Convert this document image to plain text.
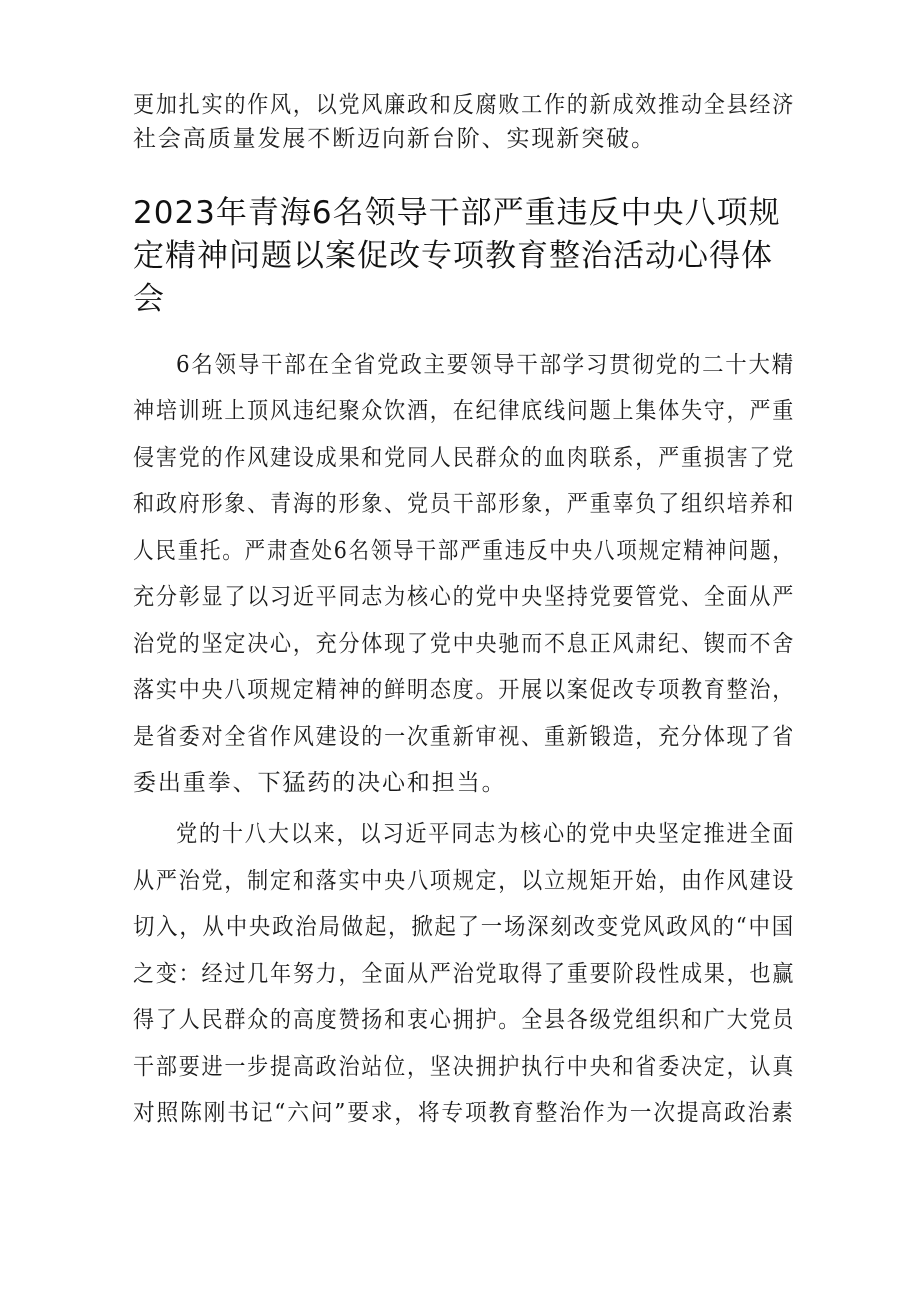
更加扎实的作风，以党风廉政和反腐败工作的新成效推动全县经济
社会高质量发展不断迈向新台阶、实现新突破。
2023年青海6名领导干部严重违反中央八项规
定精神问题以案促改专项教育整治活动心得体
会
6名领导干部在全省党政主要领导干部学习贯彻党的二十大精
神培训班上顶风违纪聚众饮酒，在纪律底线问题上集体失守，严重
侵害党的作风建设成果和党同人民群众的血肉联系，严重损害了党
和政府形象、青海的形象、党员干部形象，严重辜负了组织培养和
人民重托。严肃查处6名领导干部严重违反中央八项规定精神问题，
充分彰显了以习近平同志为核心的党中央坚持党要管党、全面从严
治党的坚定决心，充分体现了党中央驰而不息正风肃纪、锲而不舍
落实中央八项规定精神的鲜明态度。开展以案促改专项教育整治，
是省委对全省作风建设的一次重新审视、重新锻造，充分体现了省
委出重拳、下猛药的决心和担当。
党的十八大以来，以习近平同志为核心的党中央坚定推进全面
从严治党，制定和落实中央八项规定，以立规矩开始，由作风建设
切入，从中央政治局做起，掀起了一场深刻改变党风政风的“中国
之变：经过几年努力，全面从严治党取得了重要阶段性成果，也赢
得了人民群众的高度赞扬和衷心拥护。全县各级党组织和广大党员
干部要进一步提高政治站位，坚决拥护执行中央和省委决定，认真
对照陈刚书记“六问”要求，将专项教育整治作为一次提高政治素
